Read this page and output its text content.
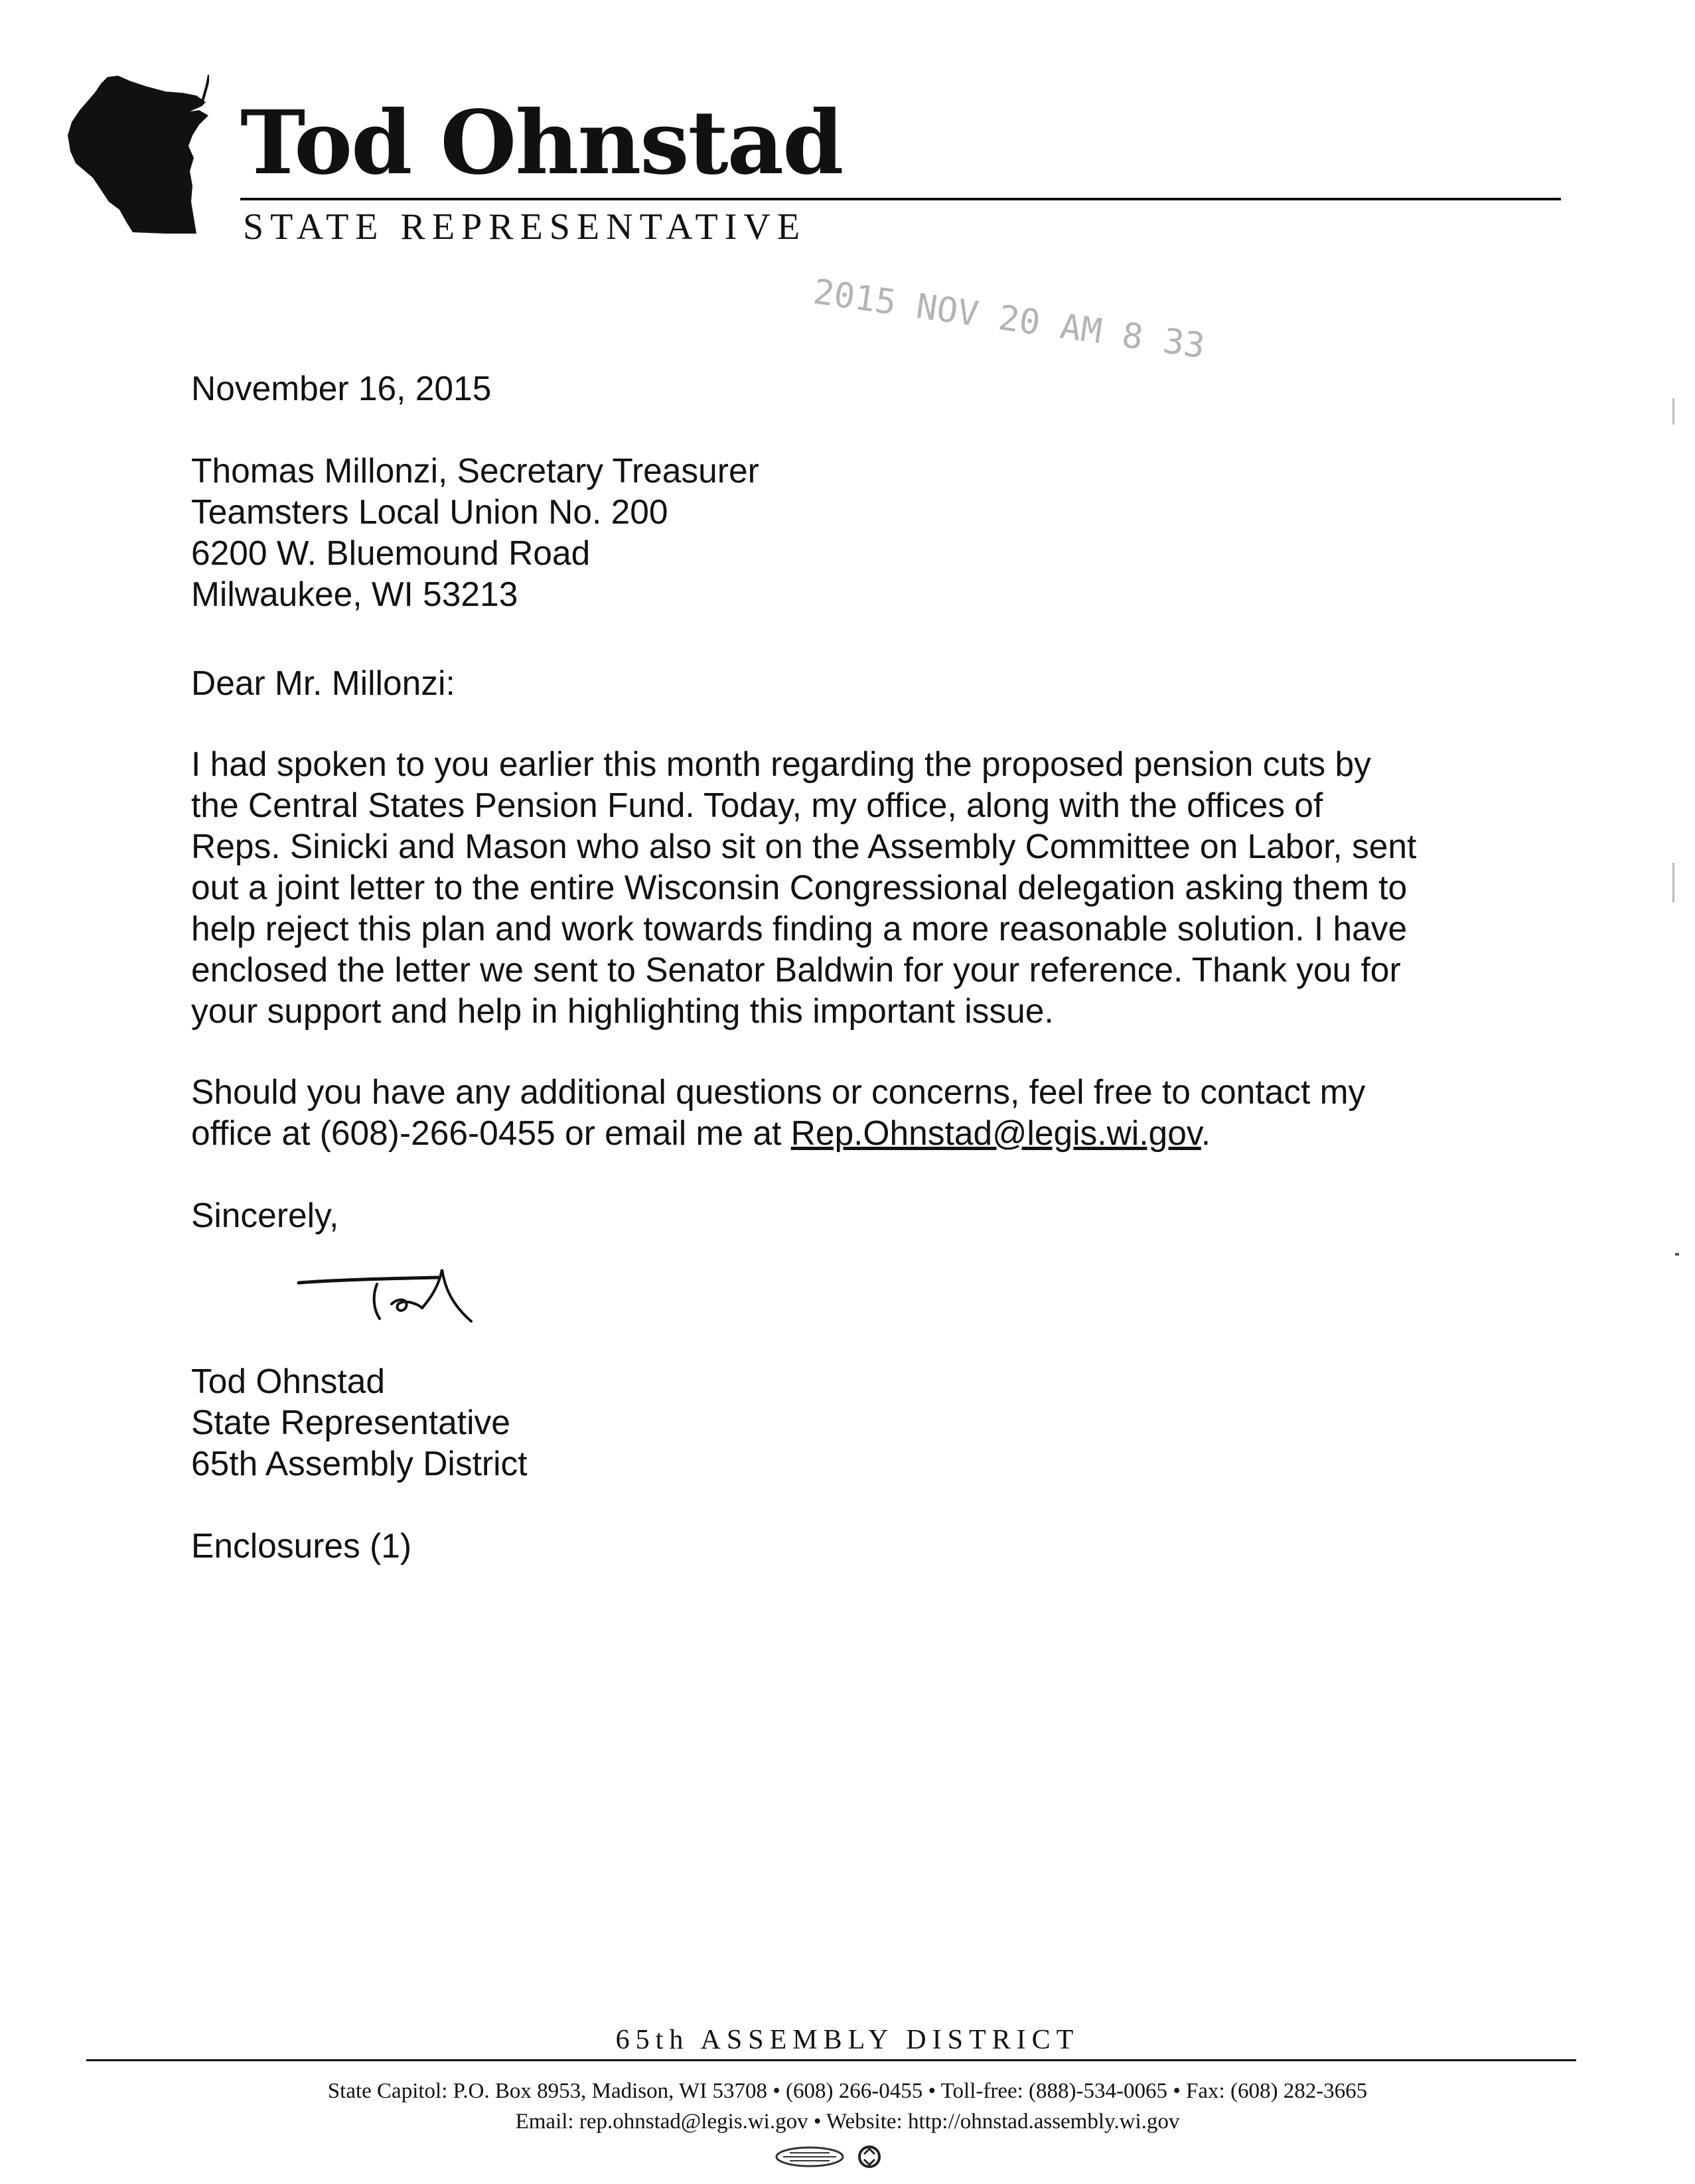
Tod Ohnstad
STATE REPRESENTATIVE
2015 NOV 20 AM 8 33
November 16, 2015
Thomas Millonzi, Secretary Treasurer
Teamsters Local Union No. 200
6200 W. Bluemound Road
Milwaukee, WI 53213
Dear Mr. Millonzi:
I had spoken to you earlier this month regarding the proposed pension cuts by
the Central States Pension Fund. Today, my office, along with the offices of
Reps. Sinicki and Mason who also sit on the Assembly Committee on Labor, sent
out a joint letter to the entire Wisconsin Congressional delegation asking them to
help reject this plan and work towards finding a more reasonable solution. I have
enclosed the letter we sent to Senator Baldwin for your reference. Thank you for
your support and help in highlighting this important issue.
Should you have any additional questions or concerns, feel free to contact my
office at (608)-266-0455 or email me at Rep.Ohnstad@legis.wi.gov.
Sincerely,
Tod Ohnstad
State Representative
65th Assembly District
Enclosures (1)
65th ASSEMBLY DISTRICT
State Capitol: P.O. Box 8953, Madison, WI 53708 • (608) 266-0455 • Toll-free: (888)-534-0065 • Fax: (608) 282-3665
Email: rep.ohnstad@legis.wi.gov • Website: http://ohnstad.assembly.wi.gov
